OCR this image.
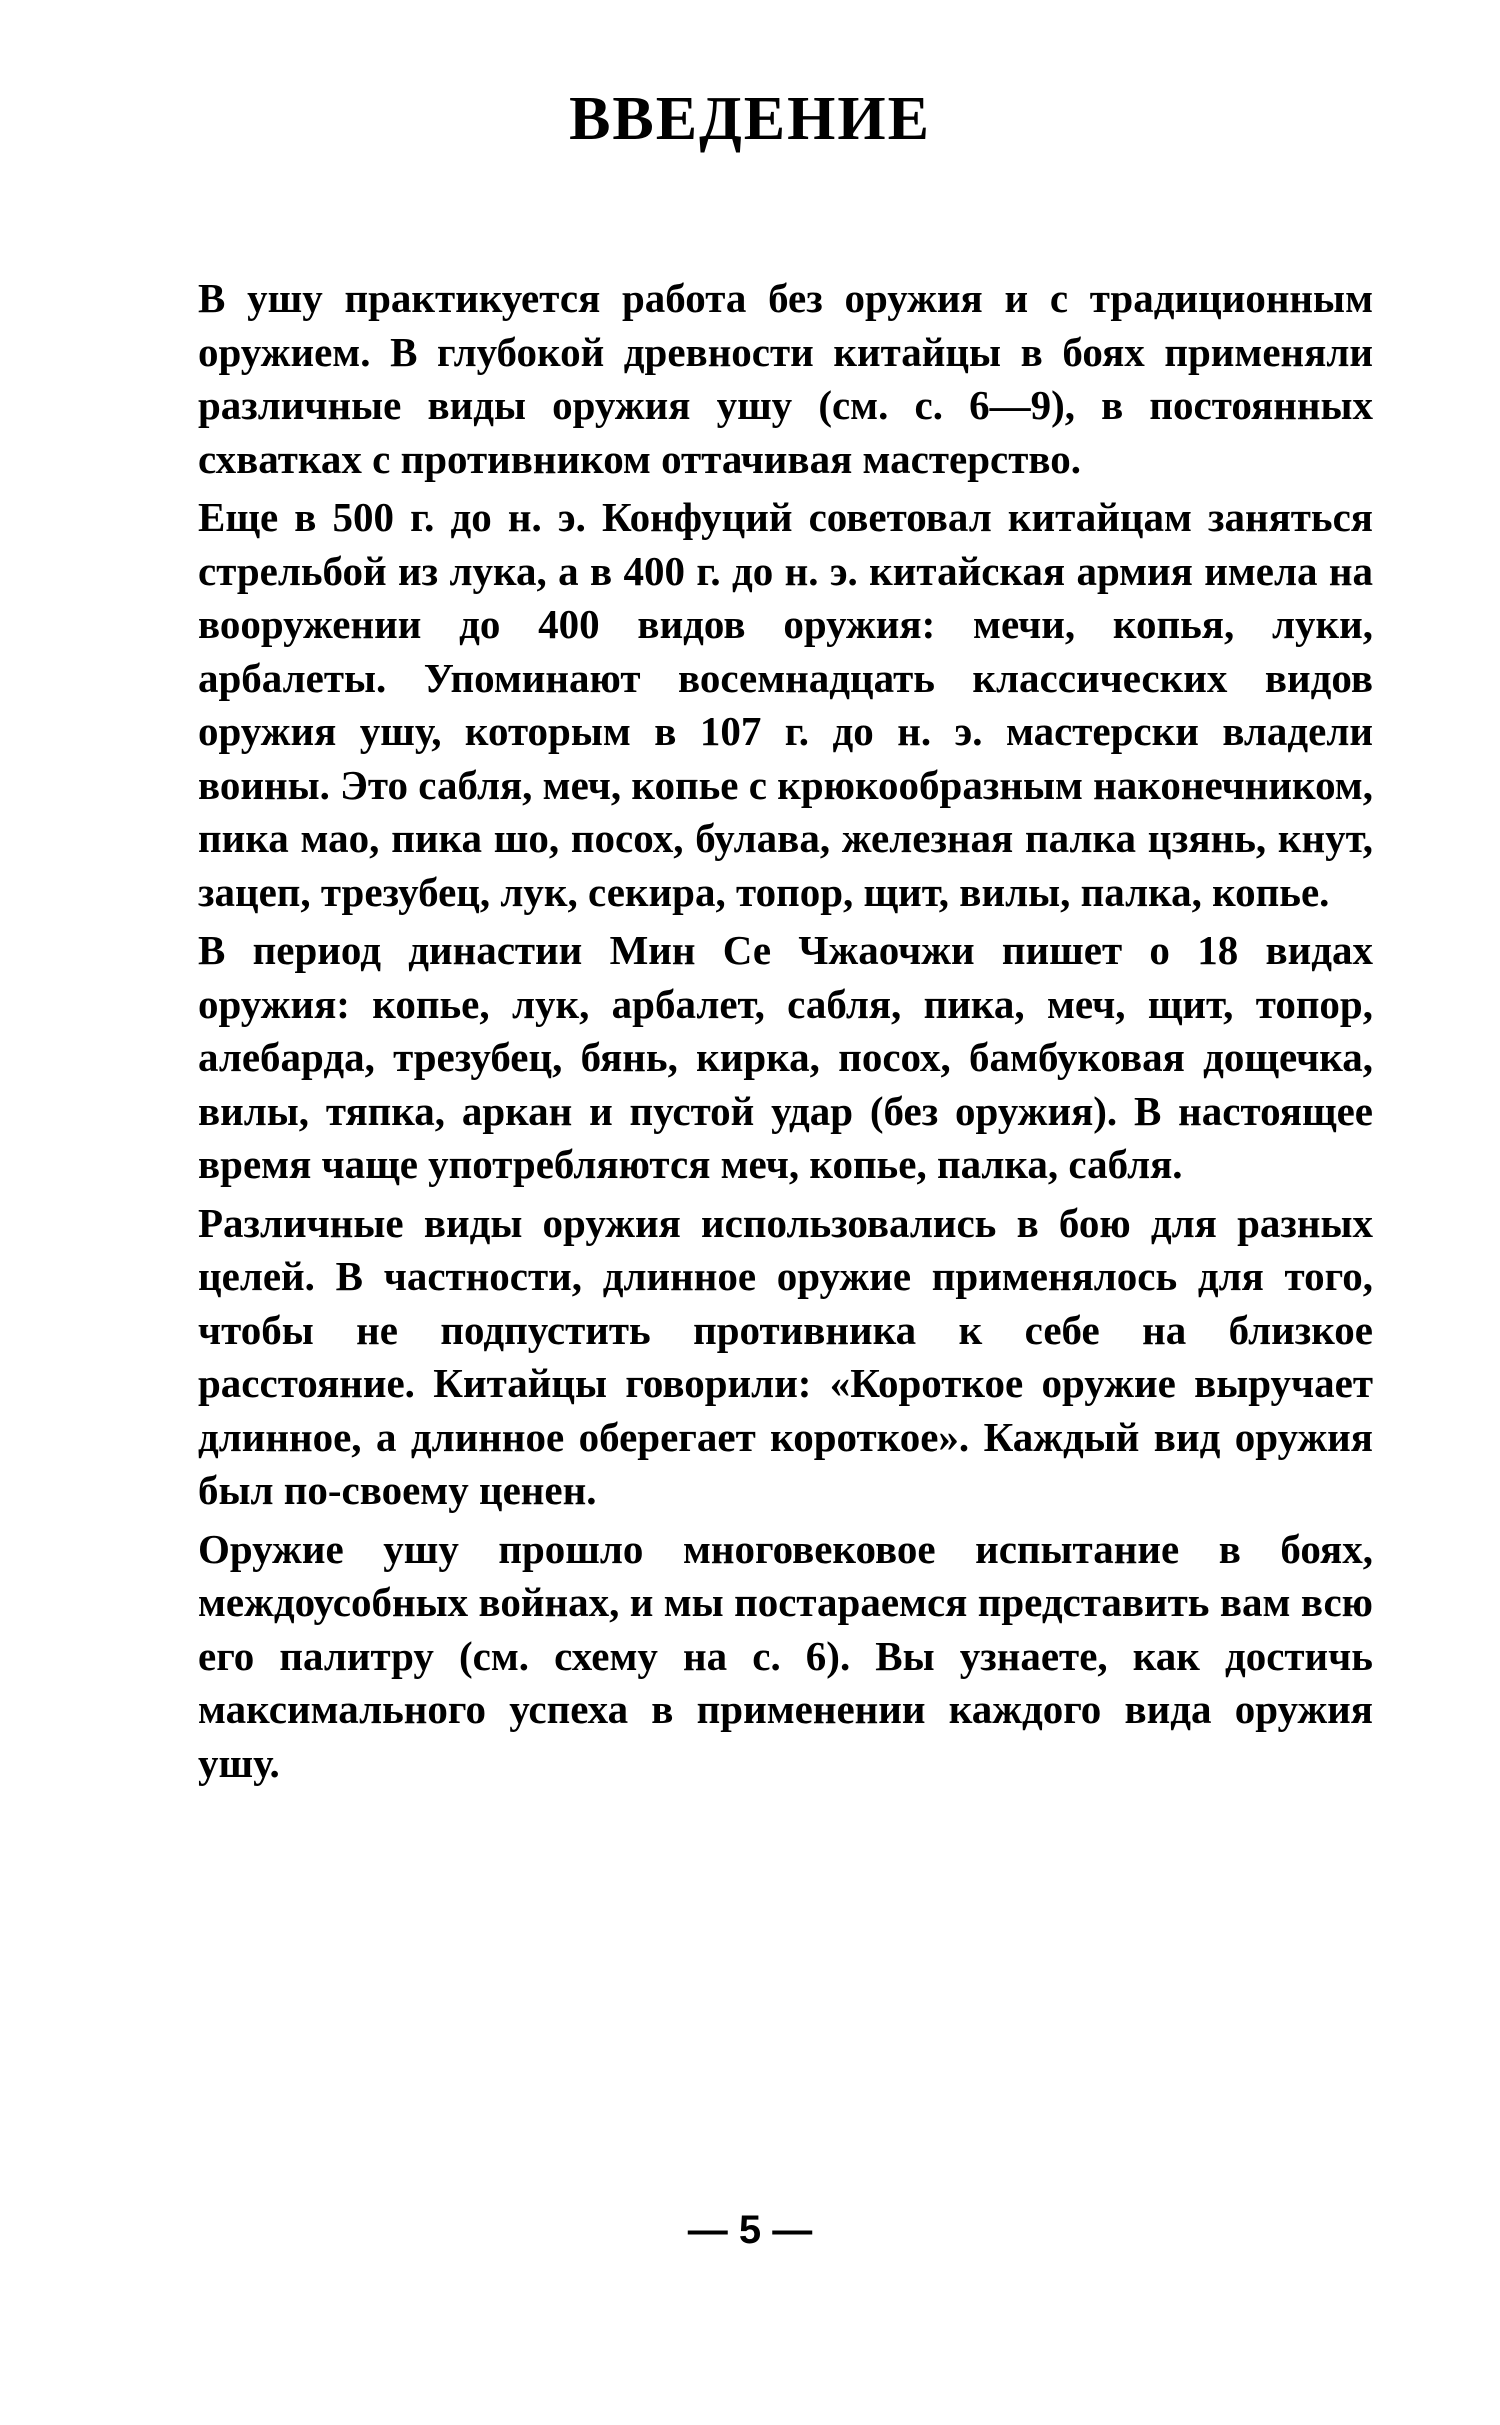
ВВЕДЕНИЕ

В ушу практикуется работа без оружия и с традиционным оружием. В глубокой древности китайцы в боях применяли различные виды оружия ушу (см. с. 6—9), в постоянных схватках с противником оттачивая мастерство.

Еще в 500 г. до н. э. Конфуций советовал китайцам заняться стрельбой из лука, а в 400 г. до н. э. китайская армия имела на вооружении до 400 видов оружия: мечи, копья, луки, арбалеты. Упоминают восемнадцать классических видов оружия ушу, которым в 107 г. до н. э. мастерски владели воины. Это сабля, меч, копье с крюкообразным наконечником, пика мао, пика шо, посох, булава, железная палка цзянь, кнут, зацеп, трезубец, лук, секира, топор, щит, вилы, палка, копье.

В период династии Мин Се Чжаочжи пишет о 18 видах оружия: копье, лук, арбалет, сабля, пика, меч, щит, топор, алебарда, трезубец, бянь, кирка, посох, бамбуковая дощечка, вилы, тяпка, аркан и пустой удар (без оружия). В настоящее время чаще употребляются меч, копье, палка, сабля.

Различные виды оружия использовались в бою для разных целей. В частности, длинное оружие применялось для того, чтобы не подпустить противника к себе на близкое расстояние. Китайцы говорили: «Короткое оружие выручает длинное, а длинное оберегает короткое». Каждый вид оружия был по-своему ценен.

Оружие ушу прошло многовековое испытание в боях, междоусобных войнах, и мы постараемся представить вам всю его палитру (см. схему на с. 6). Вы узнаете, как достичь максимального успеха в применении каждого вида оружия ушу.

— 5 —
